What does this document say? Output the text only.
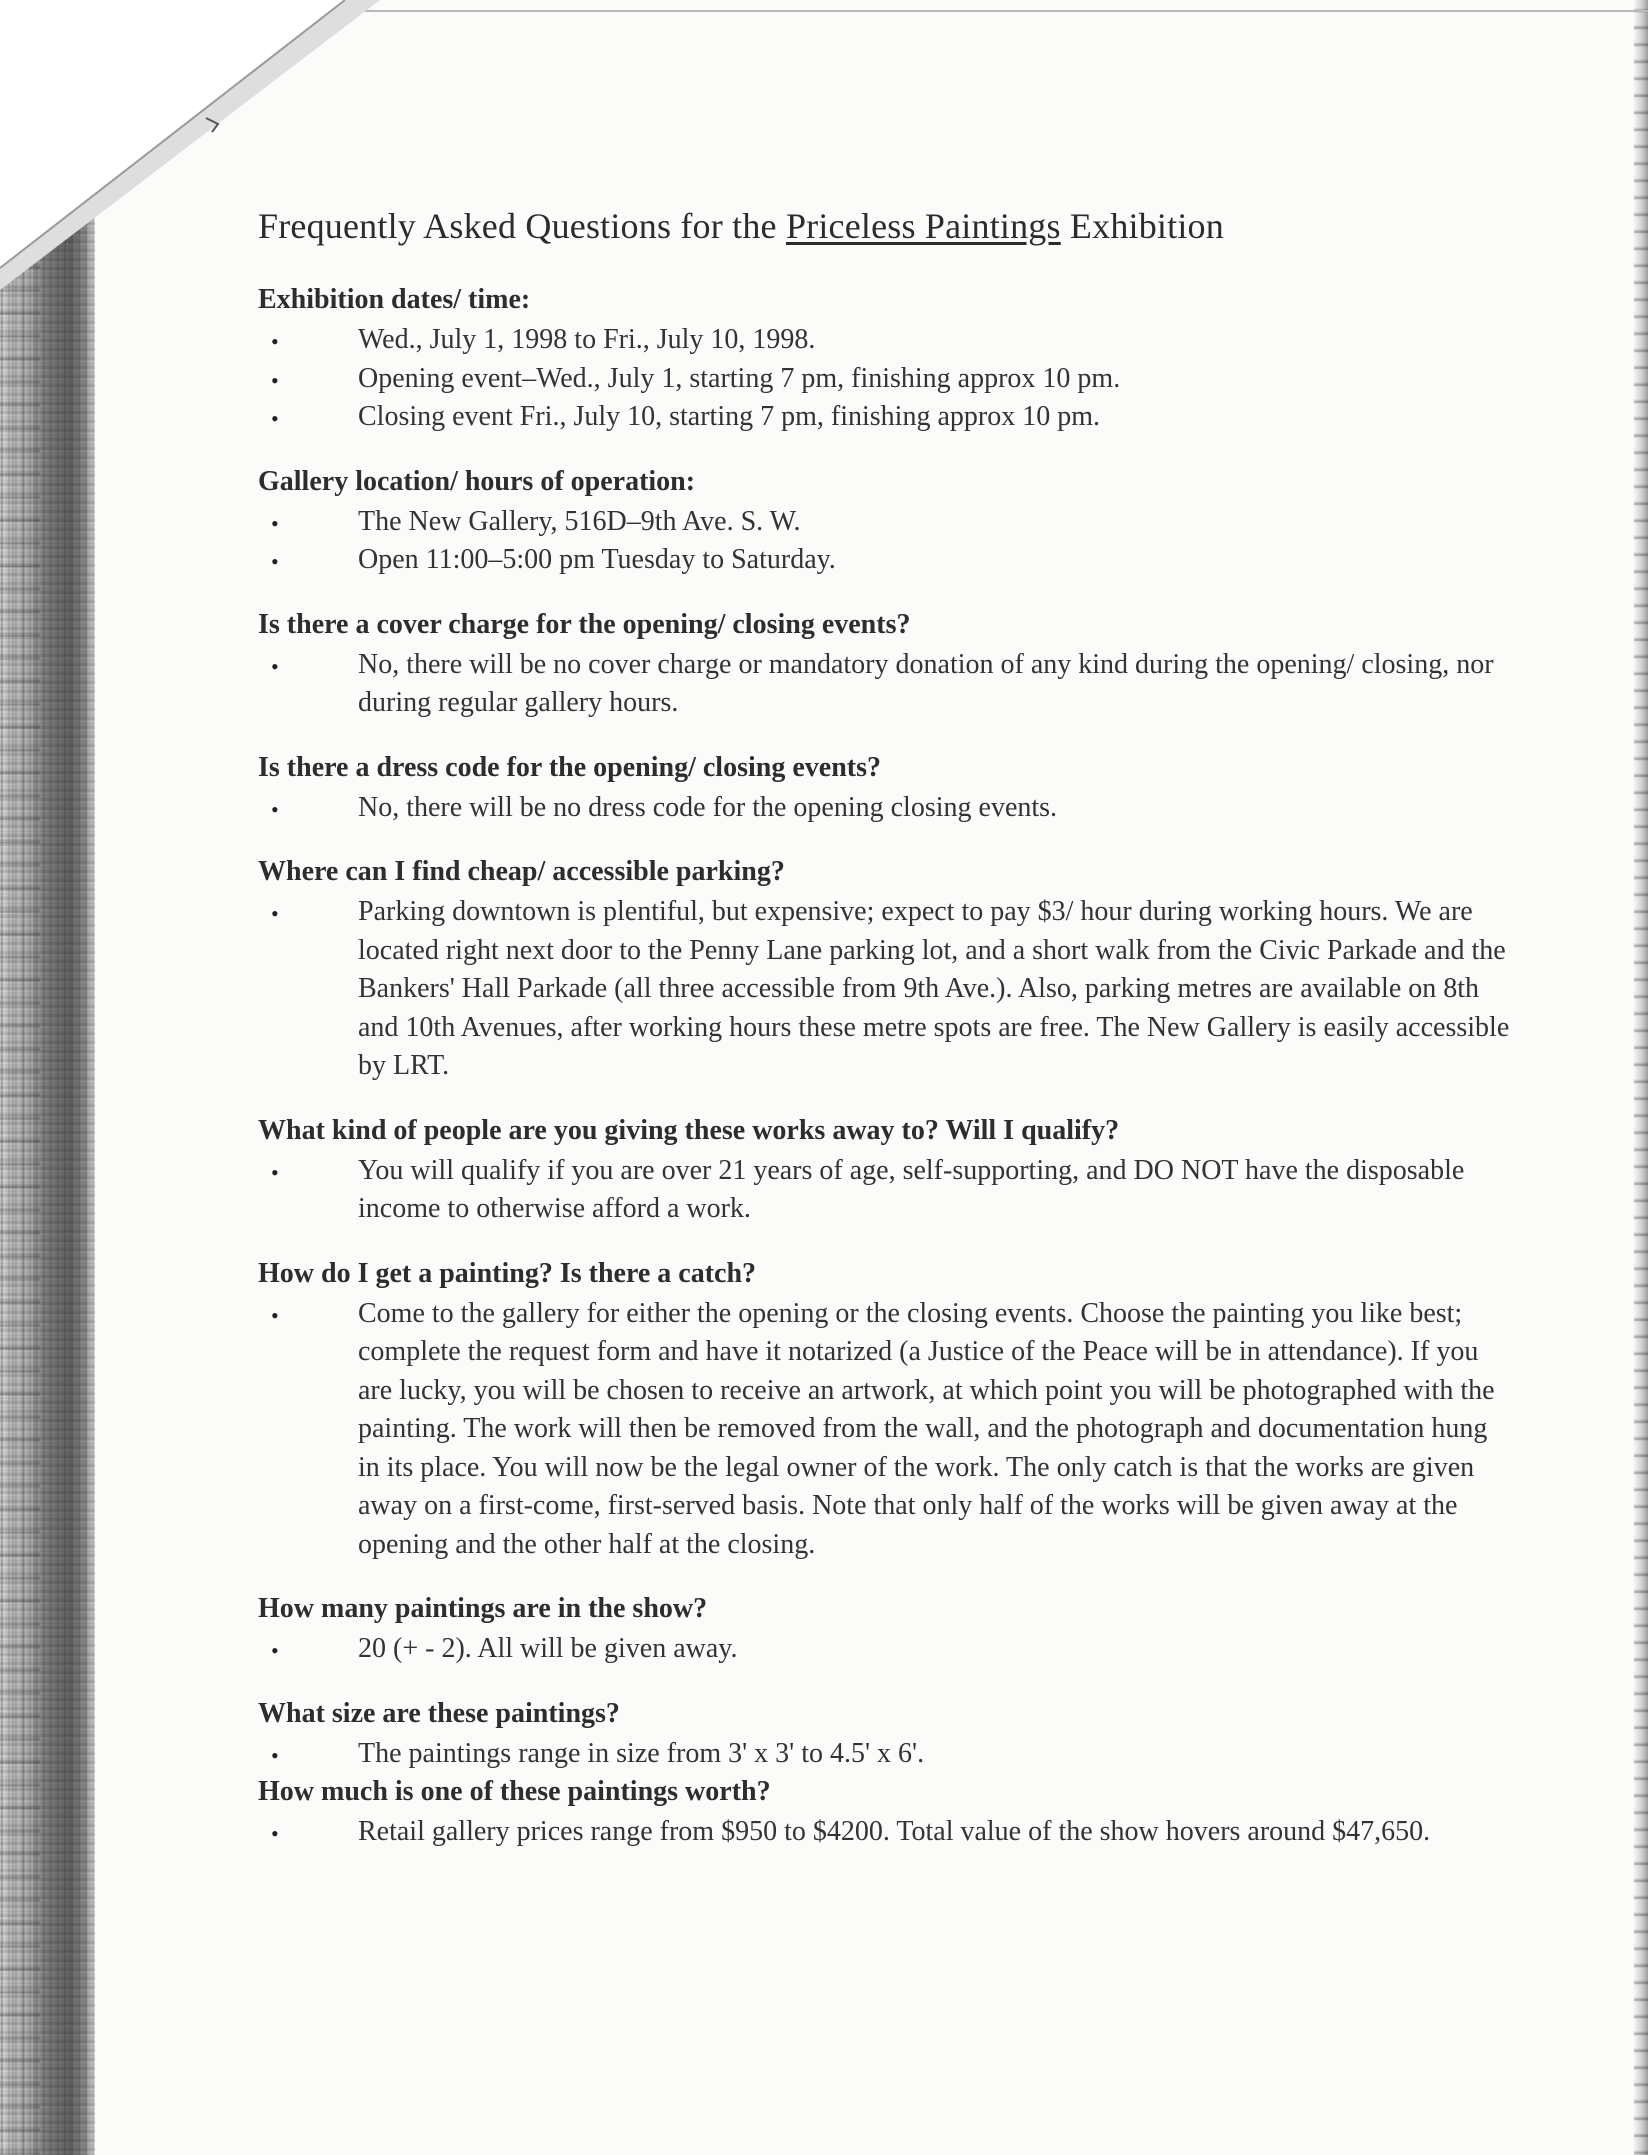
Frequently Asked Questions for the Priceless Paintings Exhibition
Exhibition dates/ time:
•	Wed., July 1, 1998 to Fri., July 10, 1998.
•	Opening event–Wed., July 1, starting 7 pm, finishing approx 10 pm.
•	Closing event Fri., July 10, starting 7 pm, finishing approx 10 pm.
Gallery location/ hours of operation:
•	The New Gallery, 516D–9th Ave. S. W.
•	Open 11:00–5:00 pm Tuesday to Saturday.
Is there a cover charge for the opening/ closing events?
•	No, there will be no cover charge or mandatory donation of any kind during the opening/ closing, nor during regular gallery hours.
Is there a dress code for the opening/ closing events?
•	No, there will be no dress code for the opening closing events.
Where can I find cheap/ accessible parking?
•	Parking downtown is plentiful, but expensive; expect to pay $3/ hour during working hours. We are located right next door to the Penny Lane parking lot, and a short walk from the Civic Parkade and the Bankers' Hall Parkade (all three accessible from 9th Ave.). Also, parking metres are available on 8th and 10th Avenues, after working hours these metre spots are free. The New Gallery is easily accessible by LRT.
What kind of people are you giving these works away to? Will I qualify?
•	You will qualify if you are over 21 years of age, self-supporting, and DO NOT have the disposable income to otherwise afford a work.
How do I get a painting? Is there a catch?
•	Come to the gallery for either the opening or the closing events. Choose the painting you like best; complete the request form and have it notarized (a Justice of the Peace will be in attendance). If you are lucky, you will be chosen to receive an artwork, at which point you will be photographed with the painting. The work will then be removed from the wall, and the photograph and documentation hung in its place. You will now be the legal owner of the work. The only catch is that the works are given away on a first-come, first-served basis. Note that only half of the works will be given away at the opening and the other half at the closing.
How many paintings are in the show?
•	20 (+ - 2). All will be given away.
What size are these paintings?
•	The paintings range in size from 3' x 3' to 4.5' x 6'.
How much is one of these paintings worth?
•	Retail gallery prices range from $950 to $4200. Total value of the show hovers around $47,650.
